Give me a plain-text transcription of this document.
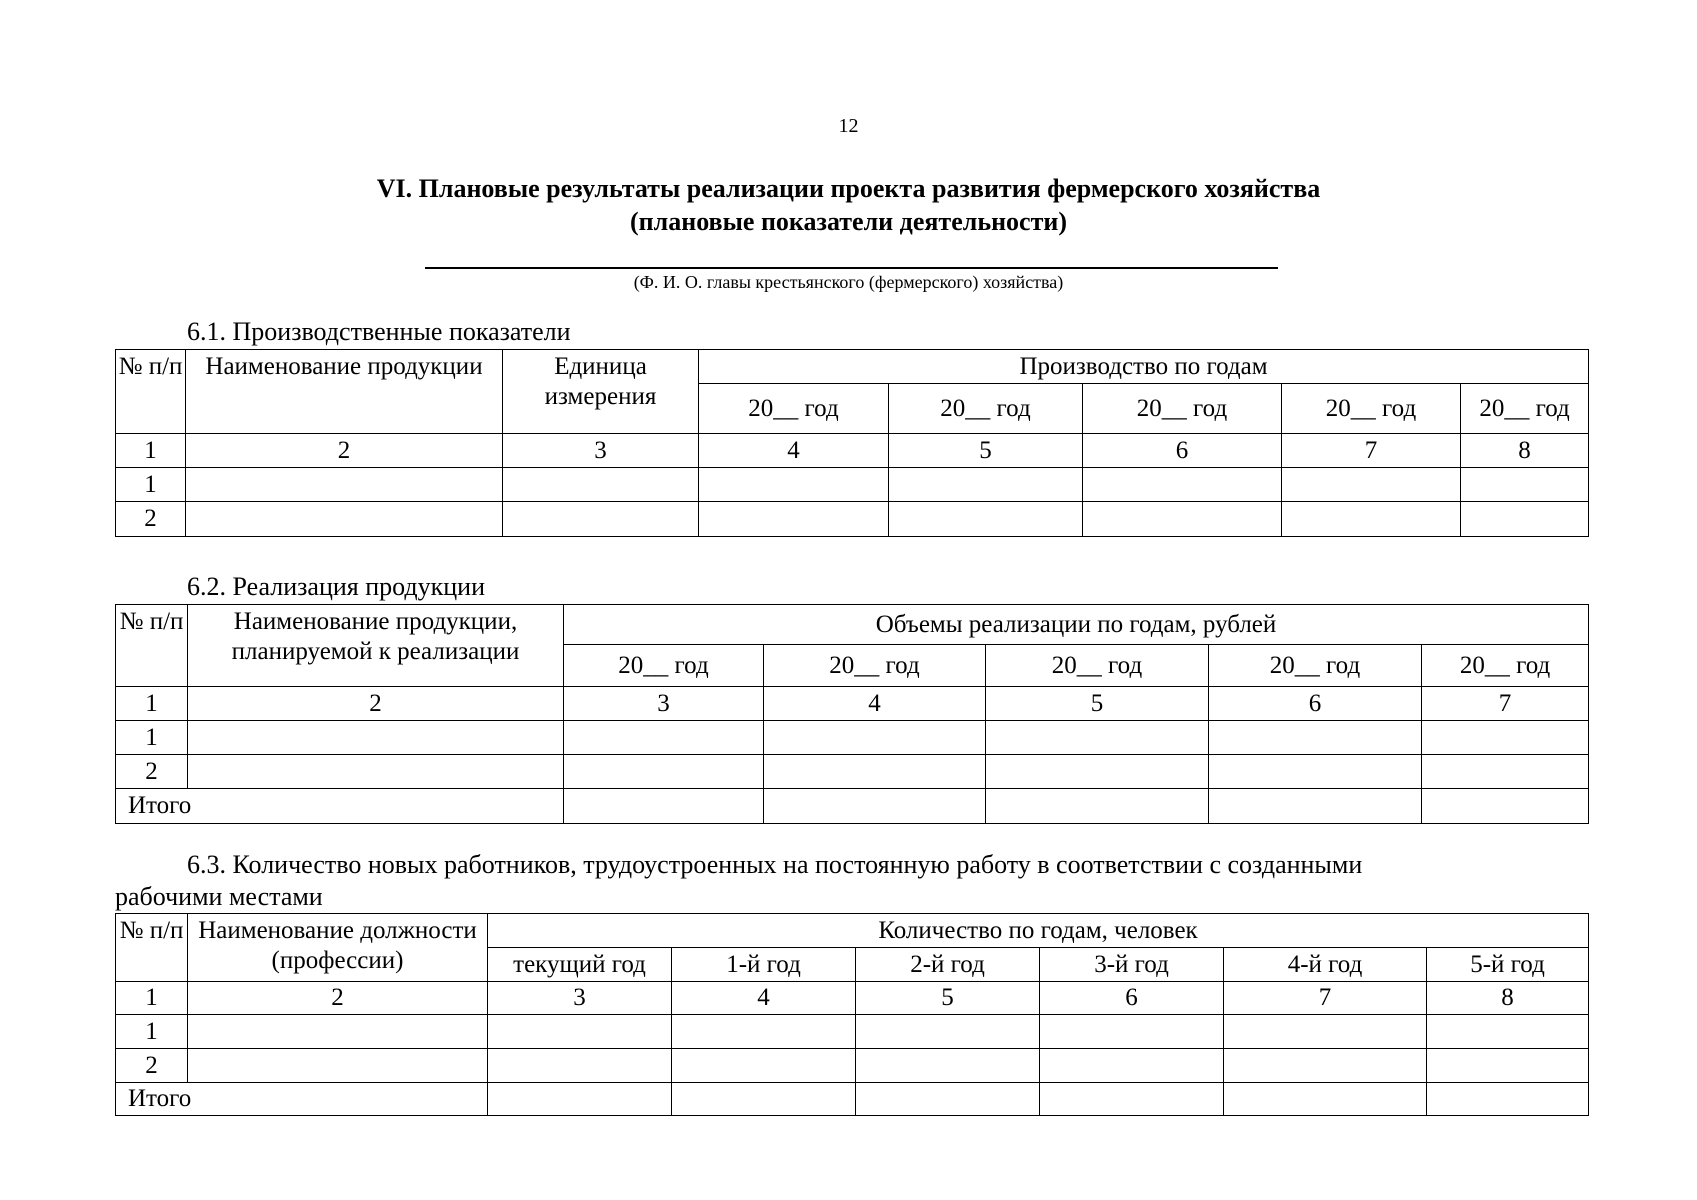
12
VI. Плановые результаты реализации проекта развития фермерского хозяйства
(плановые показатели деятельности)
(Ф. И. О. главы крестьянского (фермерского) хозяйства)
6.1. Производственные показатели
№ п/п	Наименование продукции	Единица измерения	Производство по годам				
			20__ год	20__ год	20__ год	20__ год	20__ год
1	2	3	4	5	6	7	8
1							
2							
6.2. Реализация продукции
№ п/п	Наименование продукции, планируемой к реализации	Объемы реализации по годам, рублей				
		20__ год	20__ год	20__ год	20__ год	20__ год
1	2	3	4	5	6	7
1						
2						
Итого						
6.3. Количество новых работников, трудоустроенных на постоянную работу в соответствии с созданными
рабочими местами
№ п/п	Наименование должности (профессии)	Количество по годам, человек					
		текущий год	1-й год	2-й год	3-й год	4-й год	5-й год
1	2	3	4	5	6	7	8
1							
2							
Итого							
